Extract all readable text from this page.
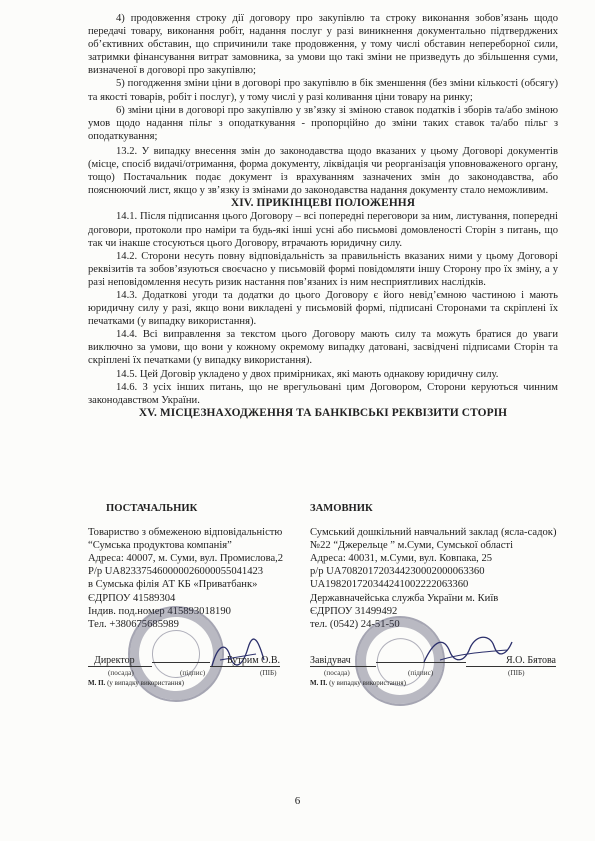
4) продовження строку дії договору про закупівлю та строку виконання зобов’язань щодо передачі товару, виконання робіт, надання послуг у разі виникнення документально підтверджених об’єктивних обставин, що спричинили таке продовження, у тому числі обставин непереборної сили, затримки фінансування витрат замовника, за умови що такі зміни не призведуть до збільшення суми, визначеної в договорі про закупівлю;

5) погодження зміни ціни в договорі про закупівлю в бік зменшення (без зміни кількості (обсягу) та якості товарів, робіт і послуг), у тому числі у разі коливання ціни товару на ринку;

6) зміни ціни в договорі про закупівлю у зв’язку зі зміною ставок податків і зборів та/або зміною умов щодо надання пільг з оподаткування - пропорційно до зміни таких ставок та/або пільг з оподаткування;

13.2. У випадку внесення змін до законодавства щодо вказаних у цьому Договорі документів (місце, спосіб видачі/отримання, форма документу, ліквідація чи реорганізація уповноваженого органу, тощо) Постачальник подає документ із врахуванням зазначених змін до законодавства, або пояснюючий лист, якщо у зв’язку із змінами до законодавства надання документу стало неможливим.

XIV. ПРИКІНЦЕВІ ПОЛОЖЕННЯ

14.1. Після підписання цього Договору – всі попередні переговори за ним, листування, попередні договори, протоколи про наміри та будь-які інші усні або письмові домовленості Сторін з питань, що так чи інакше стосуються цього Договору, втрачають юридичну силу.

14.2. Сторони несуть повну відповідальність за правильність вказаних ними у цьому Договорі реквізитів та зобов’язуються своєчасно у письмовій формі повідомляти іншу Сторону про їх зміну, а у разі неповідомлення несуть ризик настання пов’язаних із ним несприятливих наслідків.

14.3. Додаткові угоди та додатки до цього Договору є його невід’ємною частиною і мають юридичну силу у разі, якщо вони викладені у письмовій формі, підписані Сторонами та скріплені їх печатками (у випадку використання).

14.4. Всі виправлення за текстом цього Договору мають силу та можуть братися до уваги виключно за умови, що вони у кожному окремому випадку датовані, засвідчені підписами Сторін та скріплені їх печатками (у випадку використання).

14.5. Цей Договір укладено у двох примірниках, які мають однакову юридичну силу.

14.6. З усіх інших питань, що не врегульовані цим Договором, Сторони керуються чинним законодавством України.

XV. МІСЦЕЗНАХОДЖЕННЯ ТА БАНКІВСЬКІ РЕКВІЗИТИ СТОРІН

ПОСТАЧАЛЬНИК
Товариство з обмеженою відповідальністю
“Сумська продуктова компанія”
Адреса: 40007, м. Суми, вул. Промислова,2
Р/р UA823375460000026000055041423
в Сумська філія АТ КБ «Приватбанк»
ЄДРПОУ 41589304
Індив. под.номер 415893018190
Тел. +380675685989
ЗАМОВНИК
Сумський дошкільний навчальний заклад (ясла-садок) №22 “Джерельце ” м.Суми, Сумської області
Адреса: 40031, м.Суми, вул. Ковпака, 25
р/р UA708201720344230002000063360
UA198201720344241002222063360
Державначейська служба України м. Київ
ЄДРПОУ 31499492
тел. (0542) 24-51-50
Директор	Бутрим О.В.	Завідувач	Я.О. Бятова
(посада)	(підпис)	(ПІБ)
М. П. (у випадку використання)
(посада)	(підпис)	(ПІБ)
М. П. (у випадку використання)
6
